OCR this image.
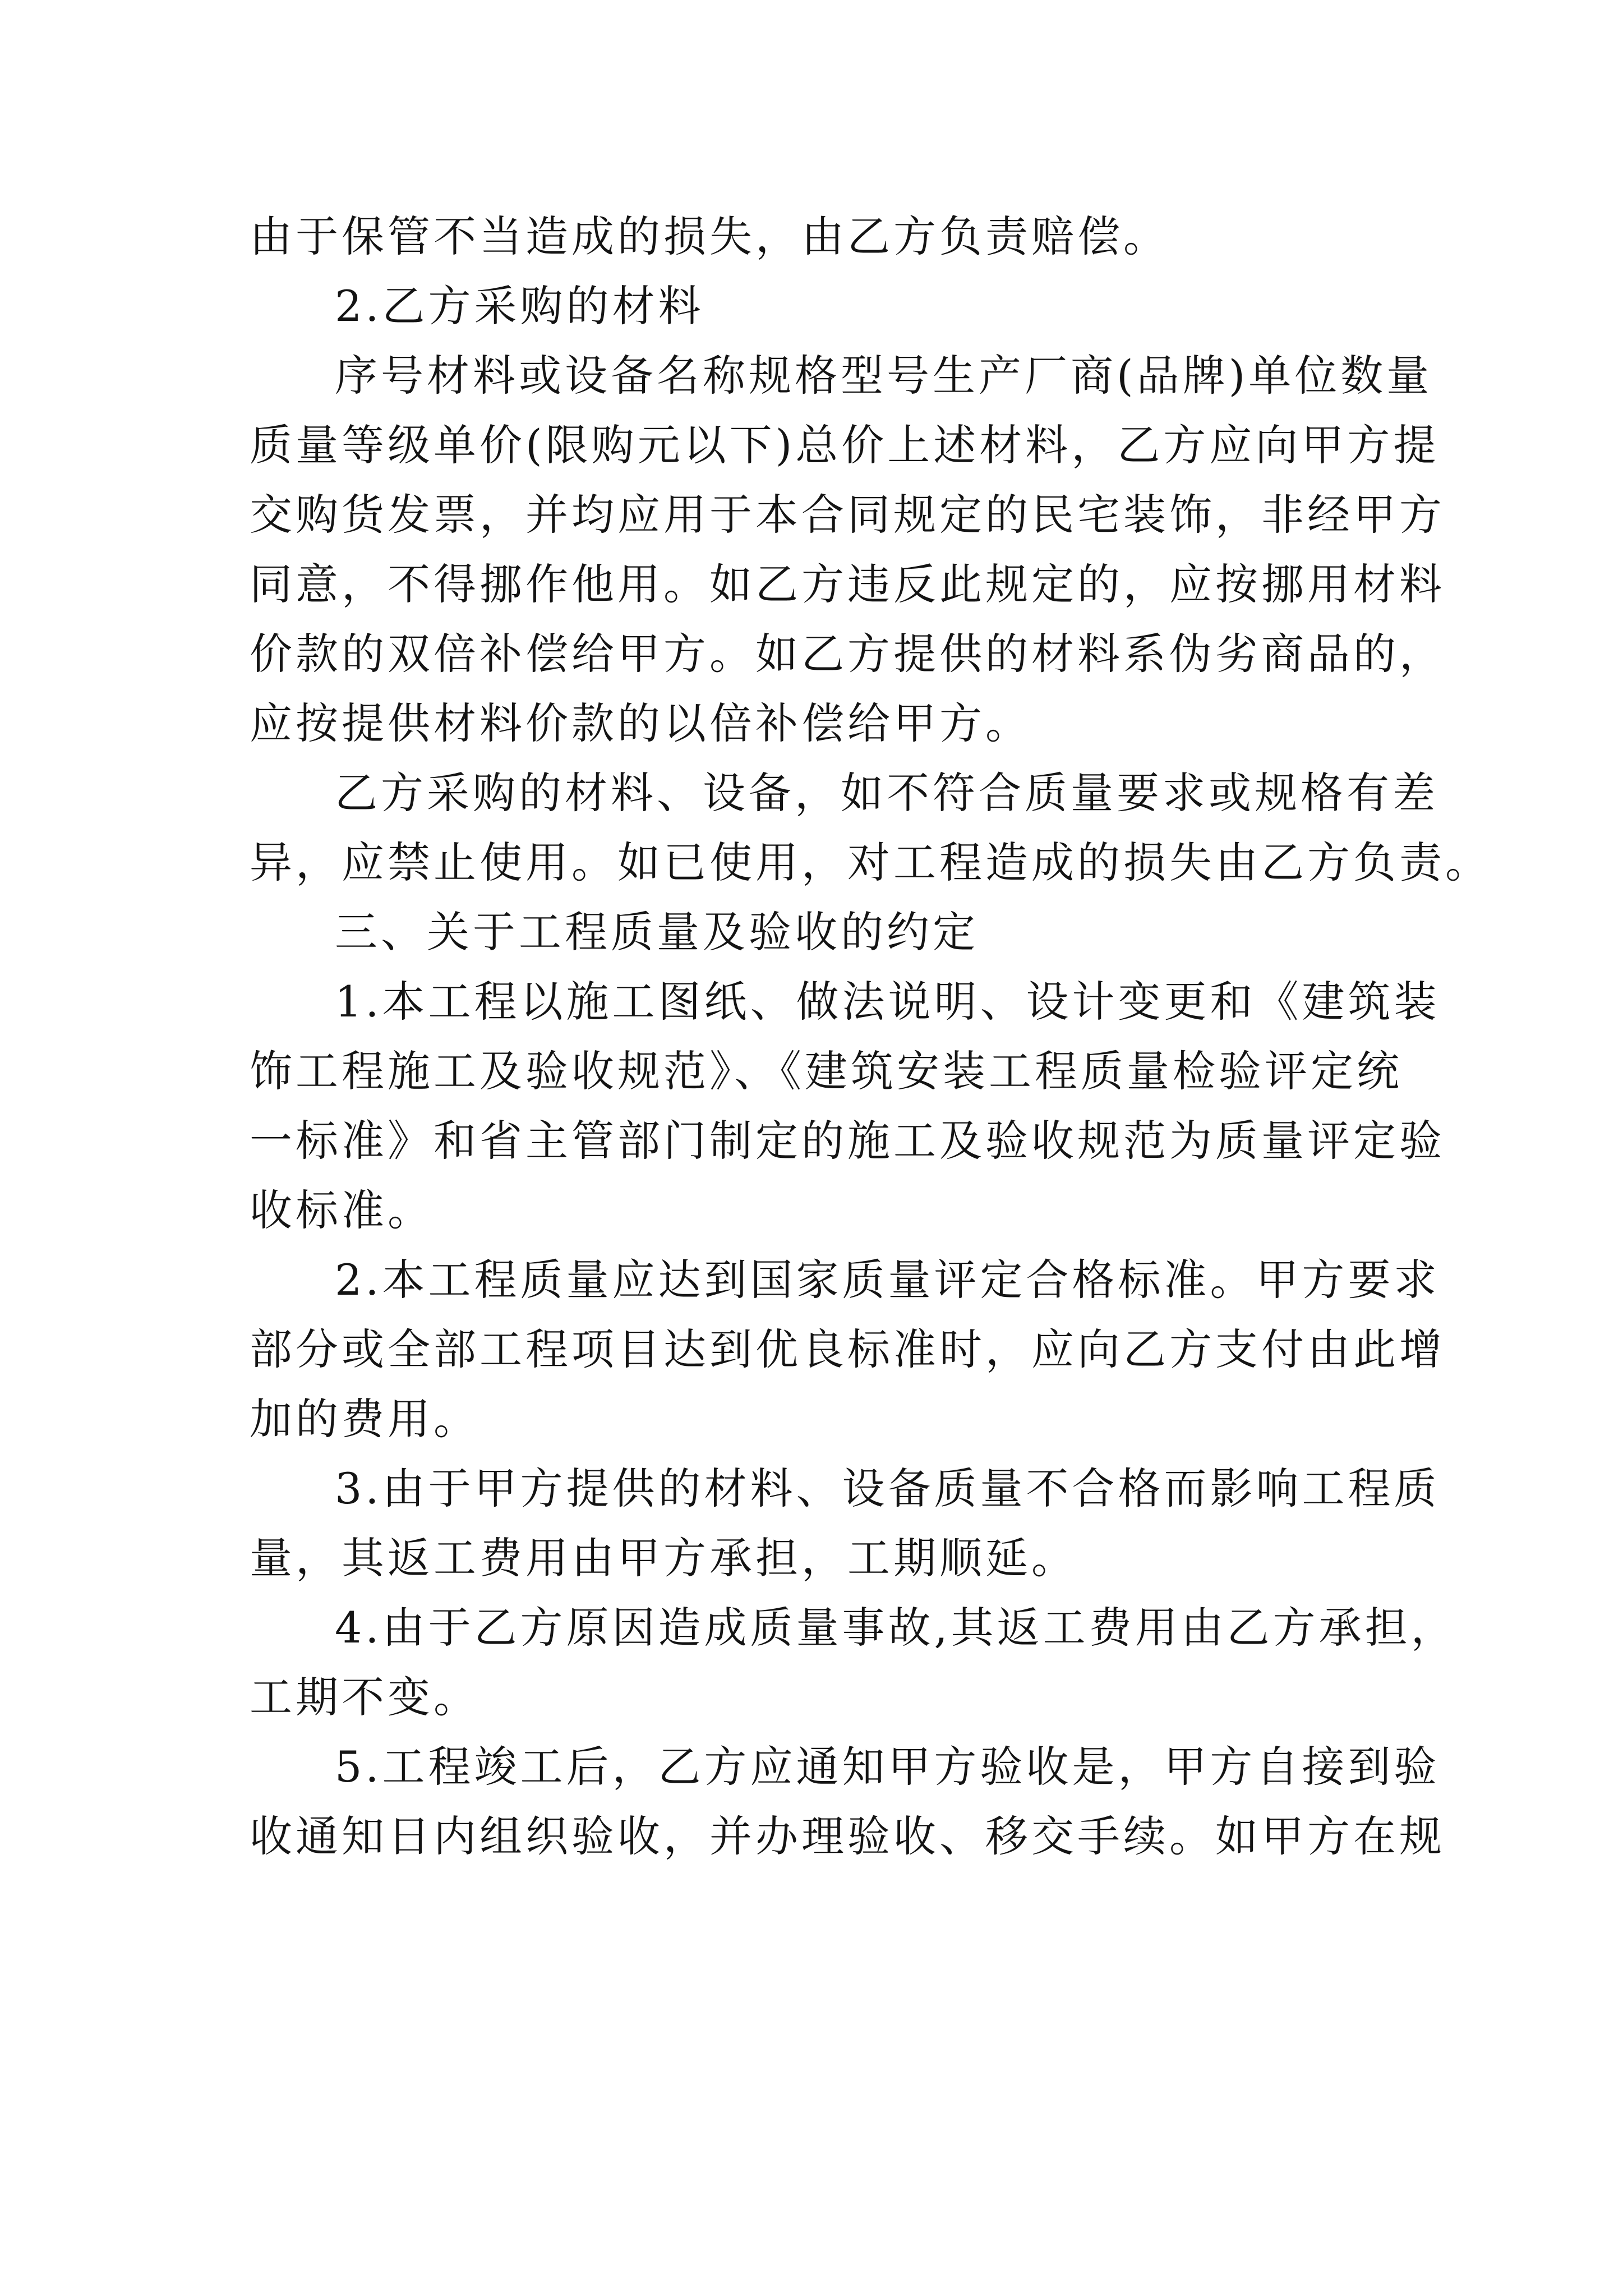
由于保管不当造成的损失，由乙方负责赔偿。
2.乙方采购的材料
序号材料或设备名称规格型号生产厂商(品牌)单位数量
质量等级单价(限购元以下)总价上述材料，乙方应向甲方提
交购货发票，并均应用于本合同规定的民宅装饰，非经甲方
同意，不得挪作他用。如乙方违反此规定的，应按挪用材料
价款的双倍补偿给甲方。如乙方提供的材料系伪劣商品的，
应按提供材料价款的以倍补偿给甲方。
乙方采购的材料、设备，如不符合质量要求或规格有差
异，应禁止使用。如已使用，对工程造成的损失由乙方负责。
三、关于工程质量及验收的约定
1.本工程以施工图纸、做法说明、设计变更和《建筑装
饰工程施工及验收规范》、《建筑安装工程质量检验评定统
一标准》和省主管部门制定的施工及验收规范为质量评定验
收标准。
2.本工程质量应达到国家质量评定合格标准。甲方要求
部分或全部工程项目达到优良标准时，应向乙方支付由此增
加的费用。
3.由于甲方提供的材料、设备质量不合格而影响工程质
量，其返工费用由甲方承担，工期顺延。
4.由于乙方原因造成质量事故,其返工费用由乙方承担，
工期不变。
5.工程竣工后，乙方应通知甲方验收是，甲方自接到验
收通知日内组织验收，并办理验收、移交手续。如甲方在规
